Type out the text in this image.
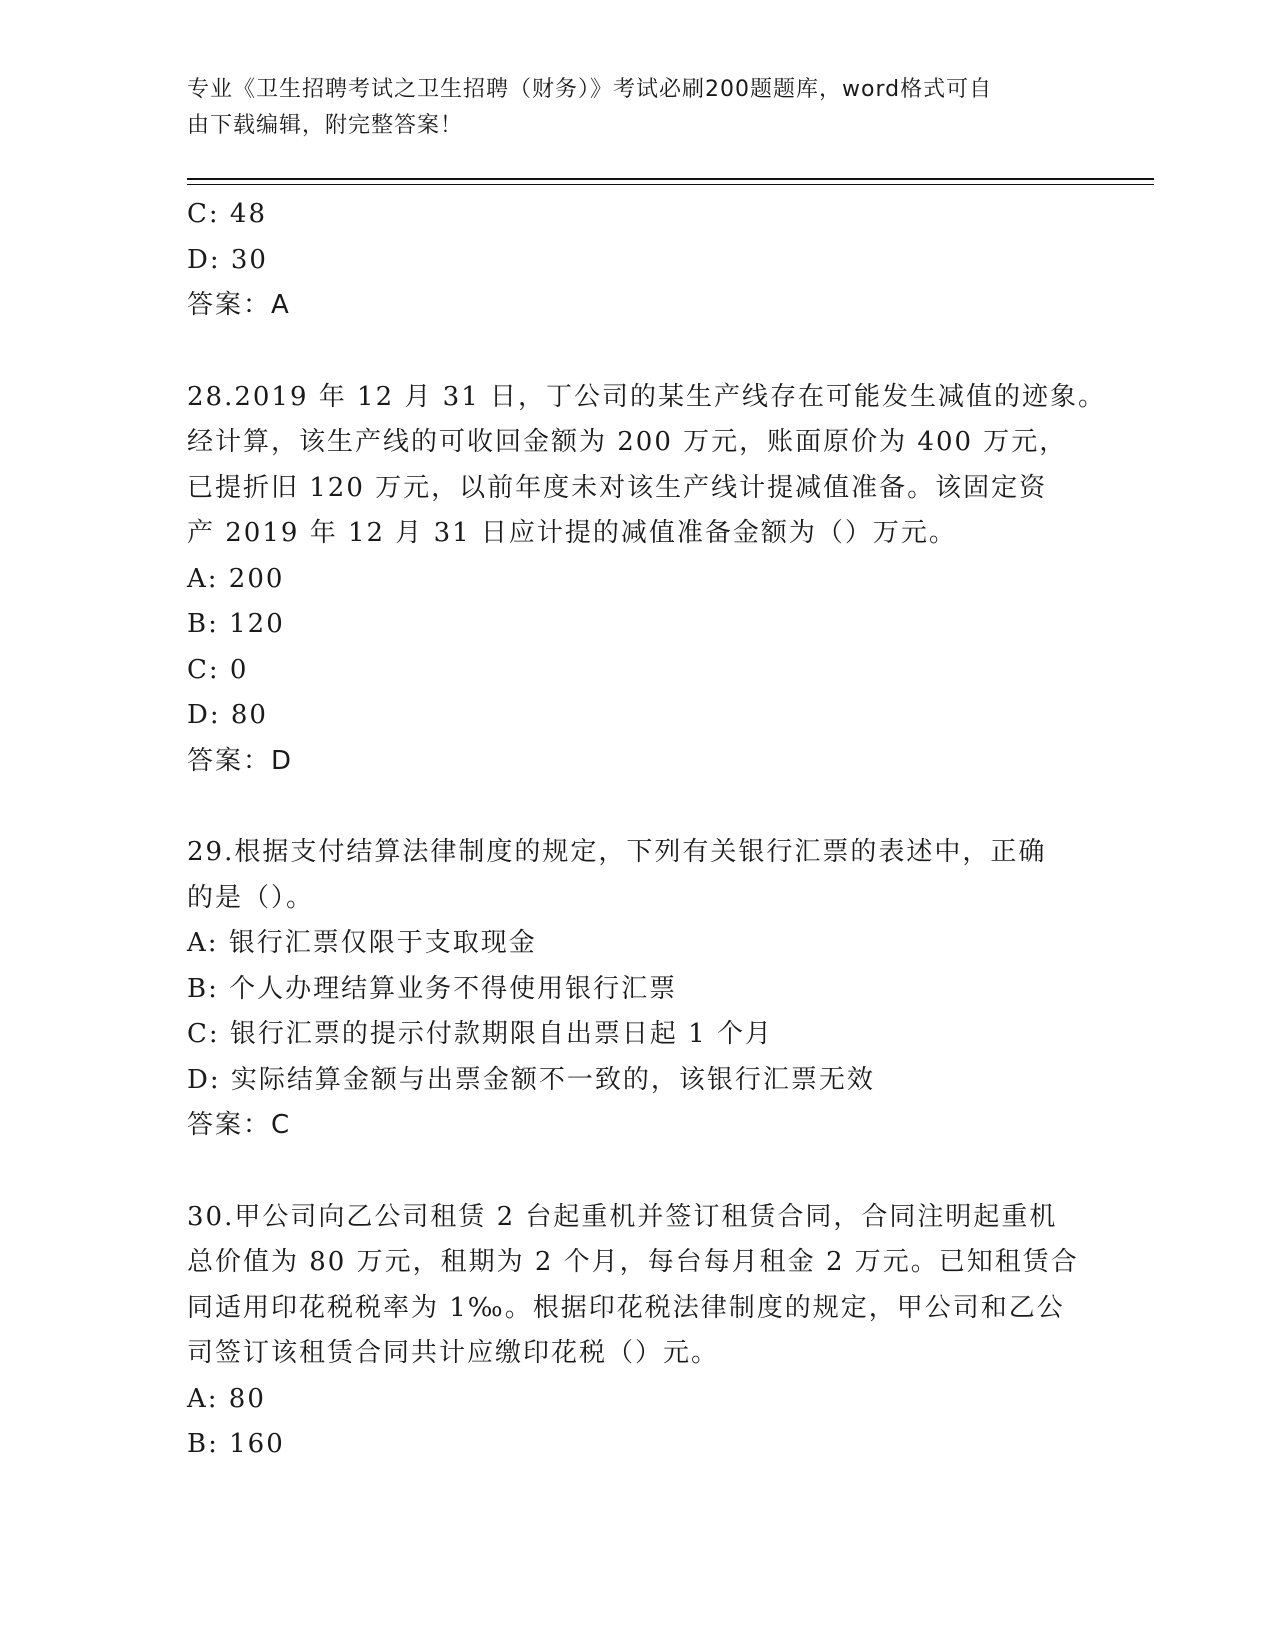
专业《卫生招聘考试之卫生招聘（财务）》考试必刷200题题库，word格式可自
由下载编辑，附完整答案！
C: 48
D: 30
答案：A
28.2019 年 12 月 31 日，丁公司的某生产线存在可能发生减值的迹象。
经计算，该生产线的可收回金额为 200 万元，账面原价为 400 万元，
已提折旧 120 万元，以前年度未对该生产线计提减值准备。该固定资
产 2019 年 12 月 31 日应计提的减值准备金额为（）万元。
A: 200
B: 120
C: 0
D: 80
答案：D
29.根据支付结算法律制度的规定，下列有关银行汇票的表述中，正确
的是（）。
A: 银行汇票仅限于支取现金
B: 个人办理结算业务不得使用银行汇票
C: 银行汇票的提示付款期限自出票日起 1 个月
D: 实际结算金额与出票金额不一致的，该银行汇票无效
答案：C
30.甲公司向乙公司租赁 2 台起重机并签订租赁合同，合同注明起重机
总价值为 80 万元，租期为 2 个月，每台每月租金 2 万元。已知租赁合
同适用印花税税率为 1‰。根据印花税法律制度的规定，甲公司和乙公
司签订该租赁合同共计应缴印花税（）元。
A: 80
B: 160
